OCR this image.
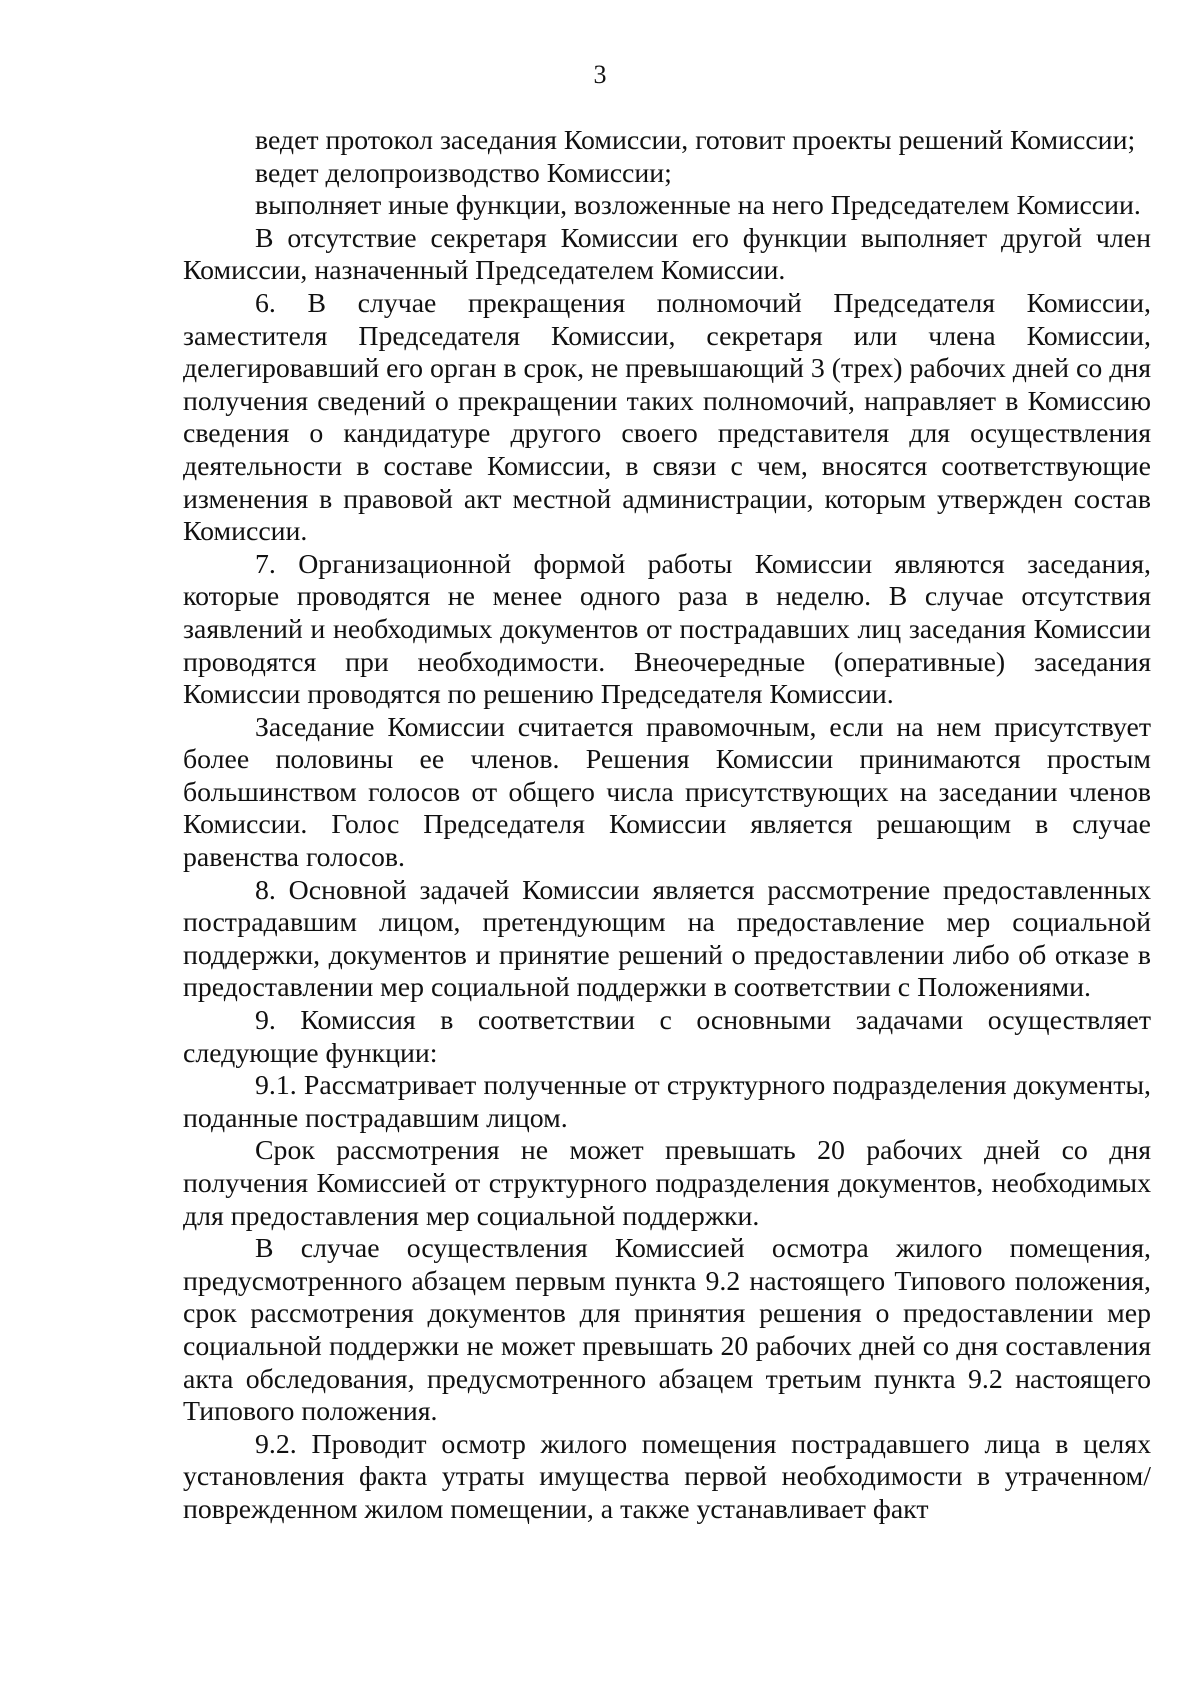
3

ведет протокол заседания Комиссии, готовит проекты решений Комиссии;

ведет делопроизводство Комиссии;

выполняет иные функции, возложенные на него Председателем Комиссии.

В отсутствие секретаря Комиссии его функции выполняет другой член Комиссии, назначенный Председателем Комиссии.

6. В случае прекращения полномочий Председателя Комиссии, заместителя Председателя Комиссии, секретаря или члена Комиссии, делегировавший его орган в срок, не превышающий 3 (трех) рабочих дней со дня получения сведений о прекращении таких полномочий, направляет в Комиссию сведения о кандидатуре другого своего представителя для осуществления деятельности в составе Комиссии, в связи с чем, вносятся соответствующие изменения в правовой акт местной администрации, которым утвержден состав Комиссии.

7. Организационной формой работы Комиссии являются заседания, которые проводятся не менее одного раза в неделю. В случае отсутствия заявлений и необходимых документов от пострадавших лиц заседания Комиссии проводятся при необходимости. Внеочередные (оперативные) заседания Комиссии проводятся по решению Председателя Комиссии.

Заседание Комиссии считается правомочным, если на нем присутствует более половины ее членов. Решения Комиссии принимаются простым большинством голосов от общего числа присутствующих на заседании членов Комиссии. Голос Председателя Комиссии является решающим в случае равенства голосов.

8. Основной задачей Комиссии является рассмотрение предоставленных пострадавшим лицом, претендующим на предоставление мер социальной поддержки, документов и принятие решений о предоставлении либо об отказе в предоставлении мер социальной поддержки в соответствии с Положениями.

9. Комиссия в соответствии с основными задачами осуществляет следующие функции:

9.1. Рассматривает полученные от структурного подразделения документы, поданные пострадавшим лицом.

Срок рассмотрения не может превышать 20 рабочих дней со дня получения Комиссией от структурного подразделения документов, необходимых для предоставления мер социальной поддержки.

В случае осуществления Комиссией осмотра жилого помещения, предусмотренного абзацем первым пункта 9.2 настоящего Типового положения, срок рассмотрения документов для принятия решения о предоставлении мер социальной поддержки не может превышать 20 рабочих дней со дня составления акта обследования, предусмотренного абзацем третьим пункта 9.2 настоящего Типового положения.

9.2. Проводит осмотр жилого помещения пострадавшего лица в целях установления факта утраты имущества первой необходимости в утраченном/поврежденном жилом помещении, а также устанавливает факт
